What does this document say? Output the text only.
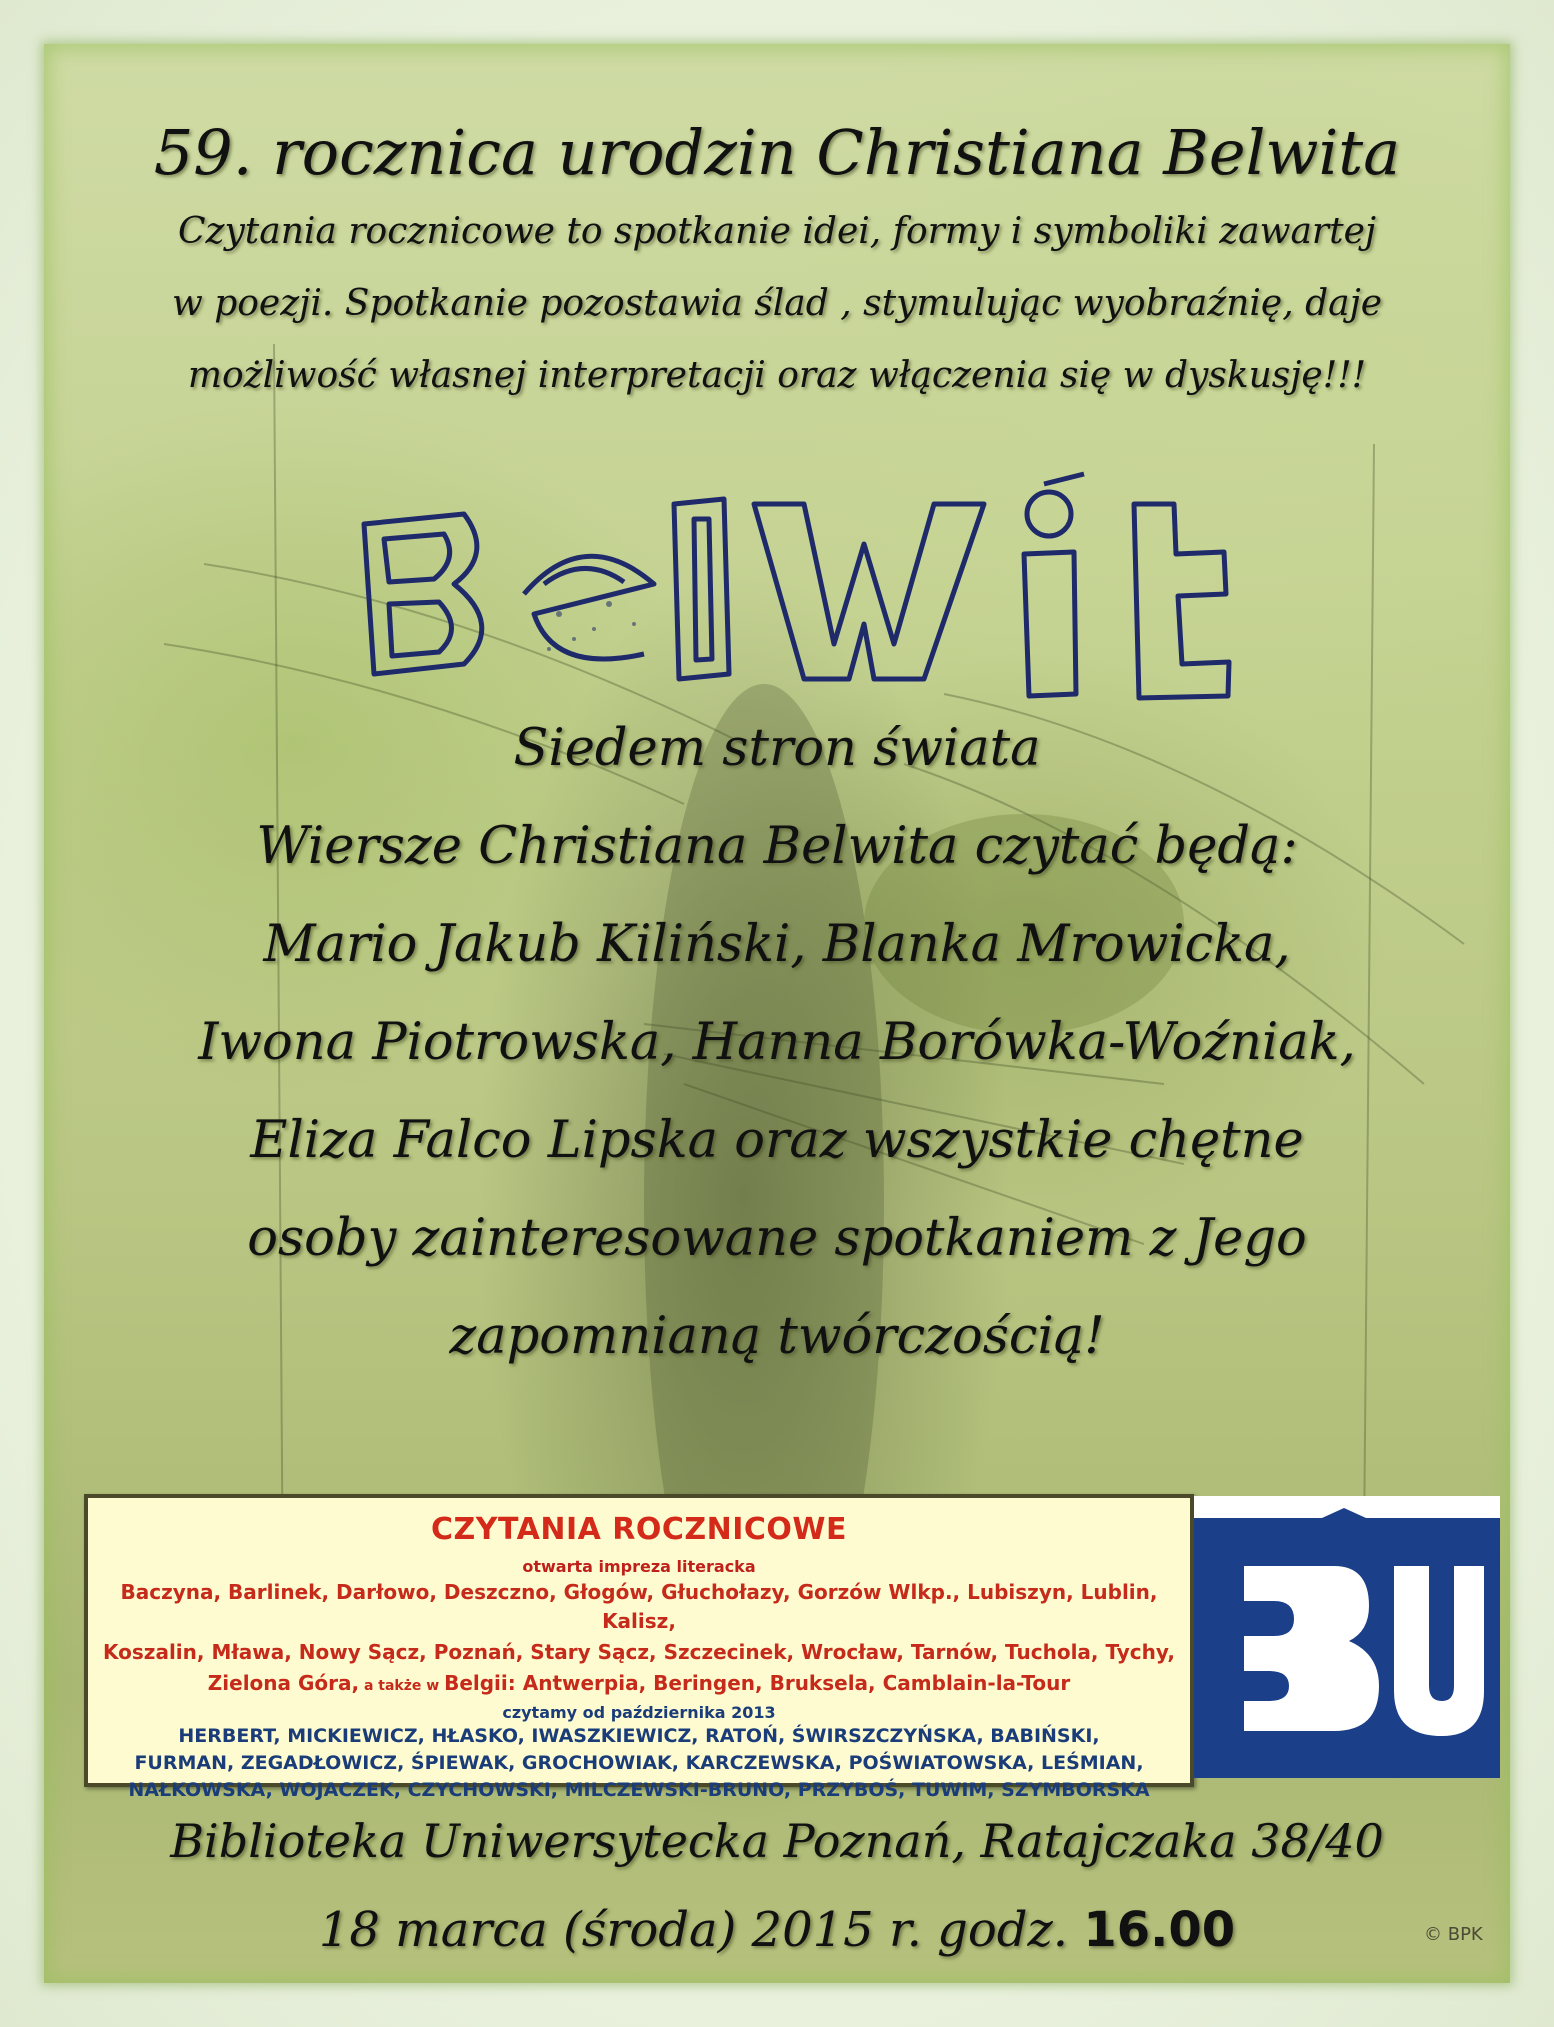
59. rocznica urodzin Christiana Belwita
Czytania rocznicowe to spotkanie idei, formy i symboliki zawartej
w poezji. Spotkanie pozostawia ślad , stymulując wyobraźnię, daje
możliwość własnej interpretacji oraz włączenia się w dyskusję!!!
Siedem stron świata
Wiersze Christiana Belwita czytać będą:
Mario Jakub Kiliński, Blanka Mrowicka,
Iwona Piotrowska, Hanna Borówka-Woźniak,
Eliza Falco Lipska oraz wszystkie chętne
osoby zainteresowane spotkaniem z Jego
zapomnianą twórczością!
CZYTANIA ROCZNICOWE
otwarta impreza literacka
Baczyna, Barlinek, Darłowo, Deszczno, Głogów, Głuchołazy, Gorzów Wlkp., Lubiszyn, Lublin, Kalisz,
Koszalin, Mława, Nowy Sącz, Poznań, Stary Sącz, Szczecinek, Wrocław, Tarnów, Tuchola, Tychy,
Zielona Góra, a także w Belgii: Antwerpia, Beringen, Bruksela, Camblain-la-Tour
czytamy od października 2013
HERBERT, MICKIEWICZ, HŁASKO, IWASZKIEWICZ, RATOŃ, ŚWIRSZCZYŃSKA, BABIŃSKI,
FURMAN, ZEGADŁOWICZ, ŚPIEWAK, GROCHOWIAK, KARCZEWSKA, POŚWIATOWSKA, LEŚMIAN,
NAŁKOWSKA, WOJACZEK, CZYCHOWSKI, MILCZEWSKI-BRUNO, PRZYBOŚ, TUWIM, SZYMBORSKA
Biblioteka Uniwersytecka Poznań, Ratajczaka 38/40
18 marca (środa) 2015 r. godz. 16.00	© BPK
